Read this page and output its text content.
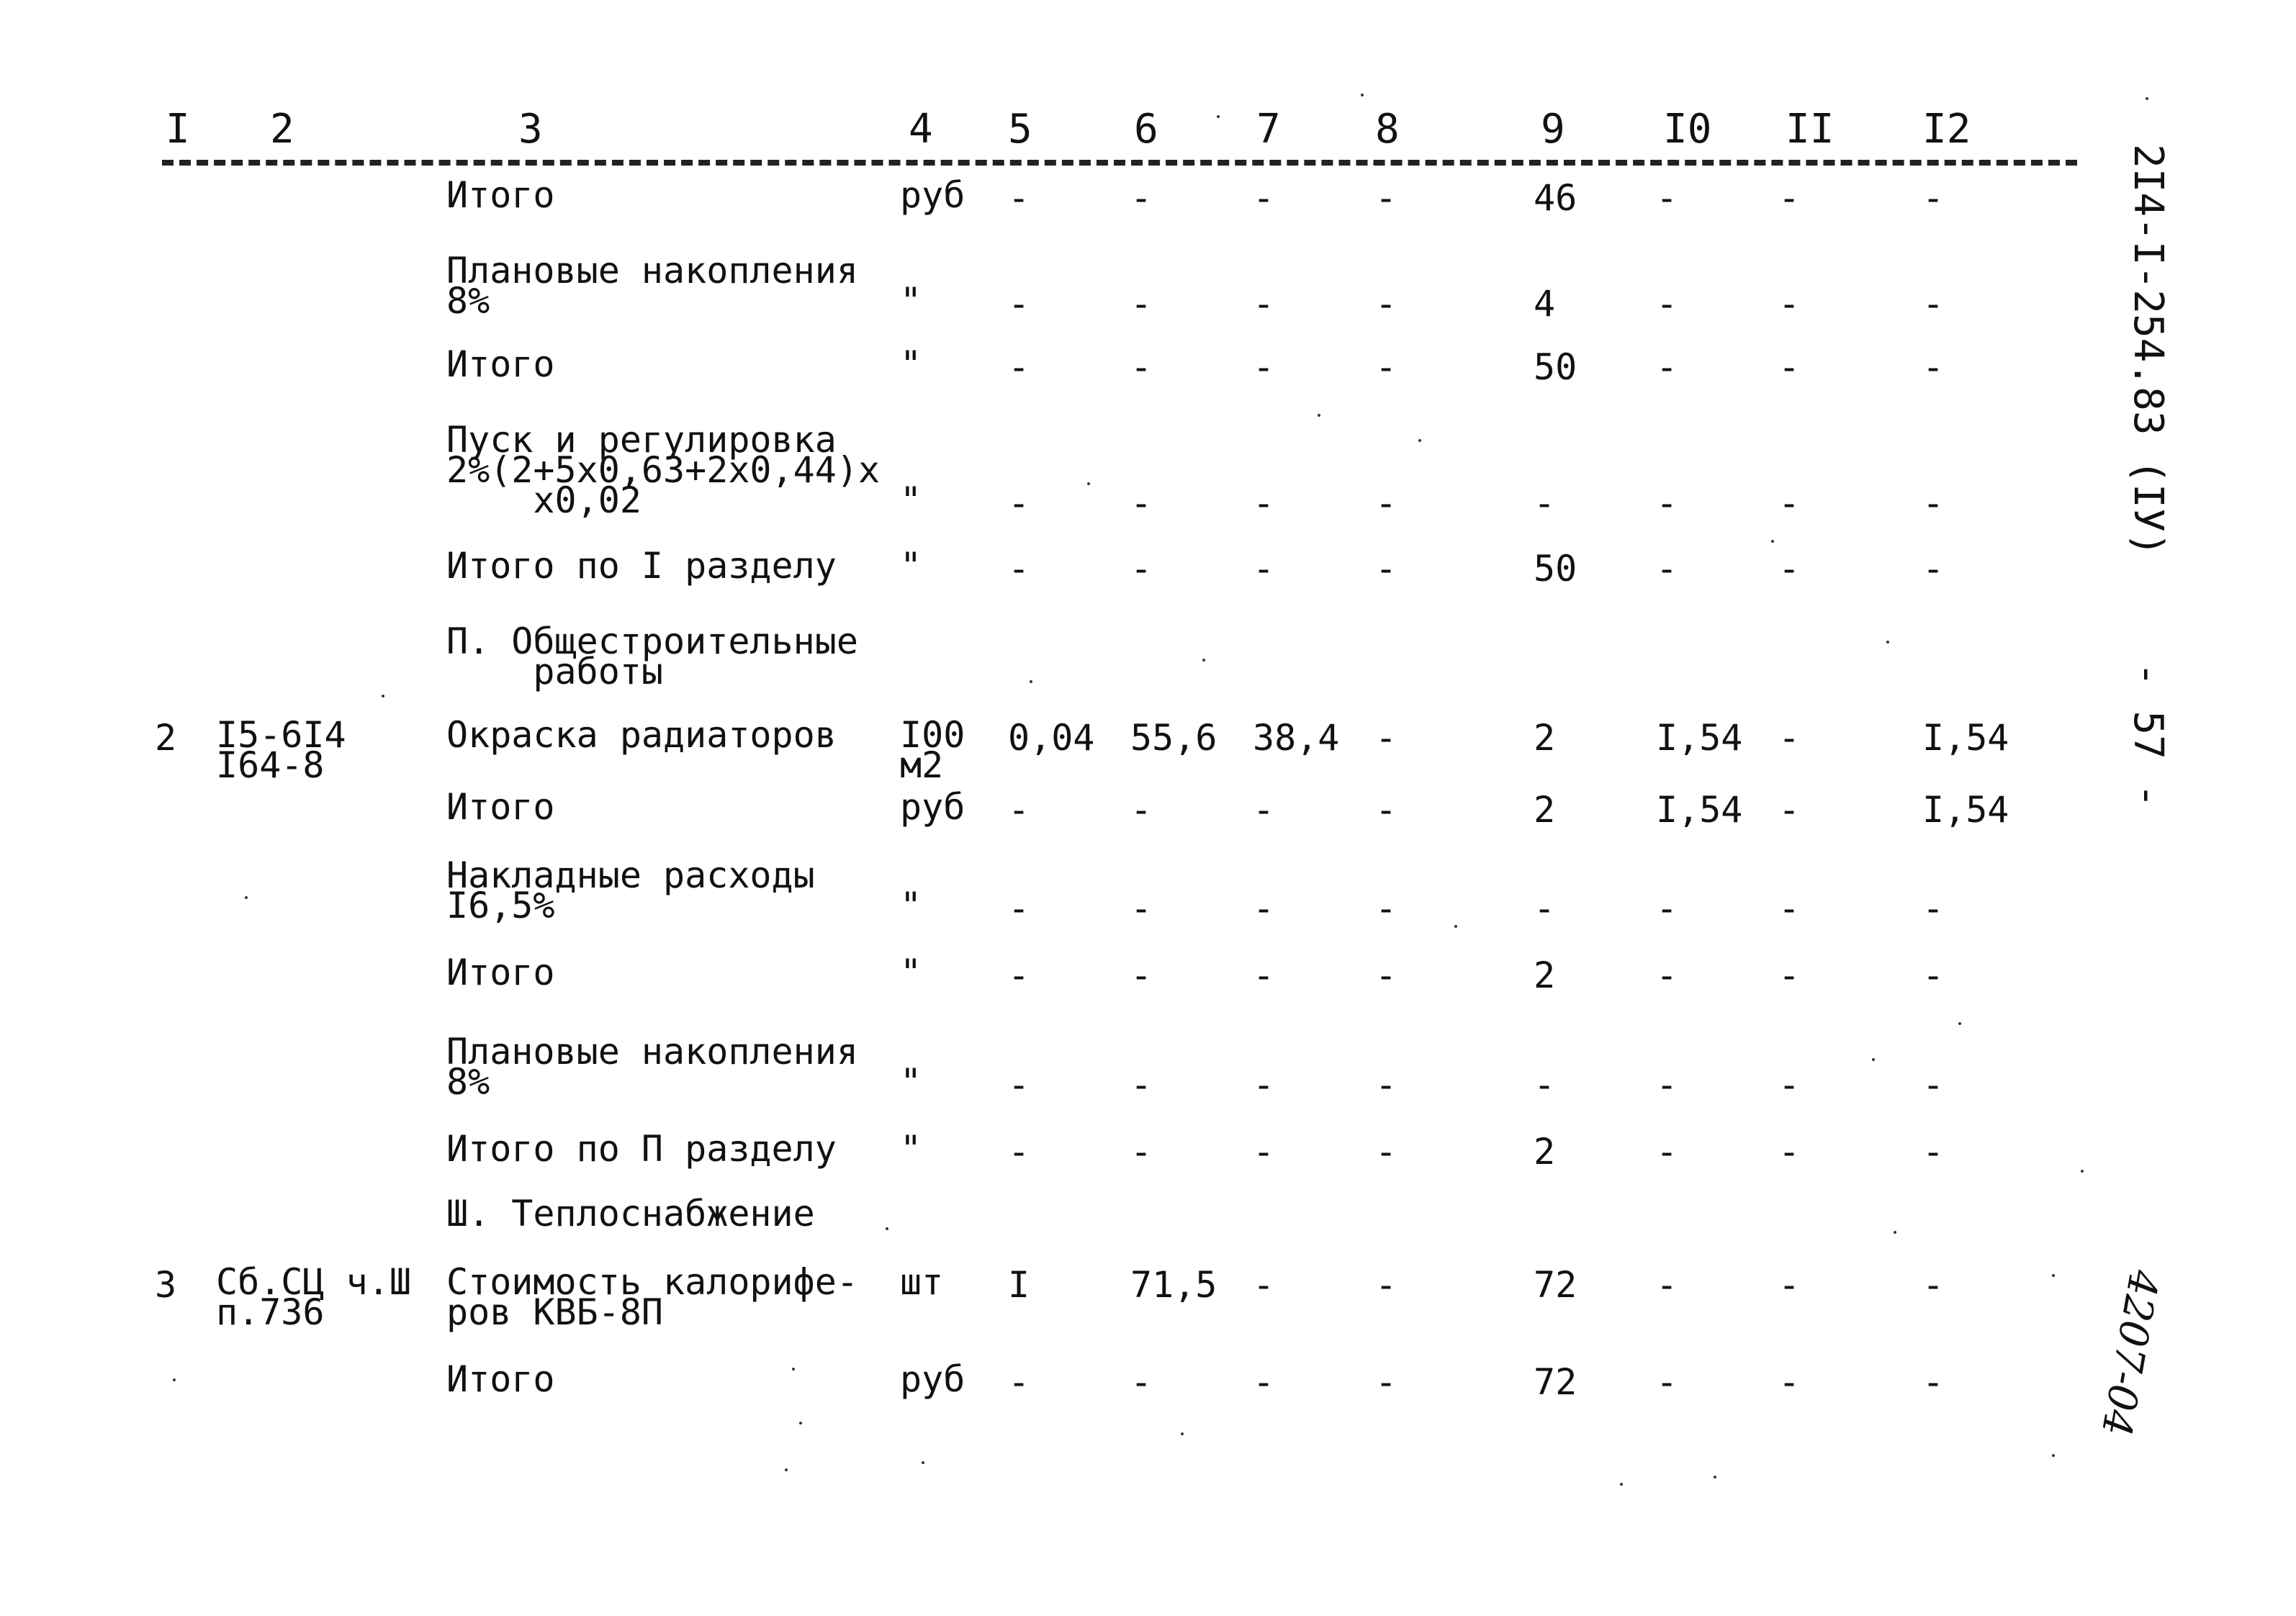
I 2	3	4 5	6 7 8	9 I0 II I2
Итого	руб -	-	-	-	46 -	-	-
Плановые накопления
8%	" -	-	-	-	4	-	-	-
Итого	" -	-	-	-	50 -	-	-
Пуск и регулировка
2%(2+5x0,63+2x0,44)x
x0,02	" -	-	-	-	-	-	-	-
Итого по I разделу " -	-	-	-	50 -	-	-
П. Общестроительные
работы
2 I5-6I4
I64-8
Окраска радиаторов I00
м2
0,04 55,6 38,4 -	2	I,54 -	I,54
Итого	руб -	-	-	-	2	I,54 -	I,54
Накладные расходы
I6,5%	" -	-	-	-	-	-	-	-
Итого	" -	-	-	-	2	-	-	-
Плановые накопления
8%	" -	-	-	-	-	-	-	-
Итого по П разделу " -	-	-	-	2	-	-	-
Ш. Теплоснабжение
3 Сб.СЦ ч.Ш
п.736
Стоимость калорифе-
ров КВБ-8П
шт I	71,5 -	-	72 -	-	-
Итого	руб -	-	-	-	72 -	-	-
2I4-I-254.83 (IУ)
- 57 -
4207-04
